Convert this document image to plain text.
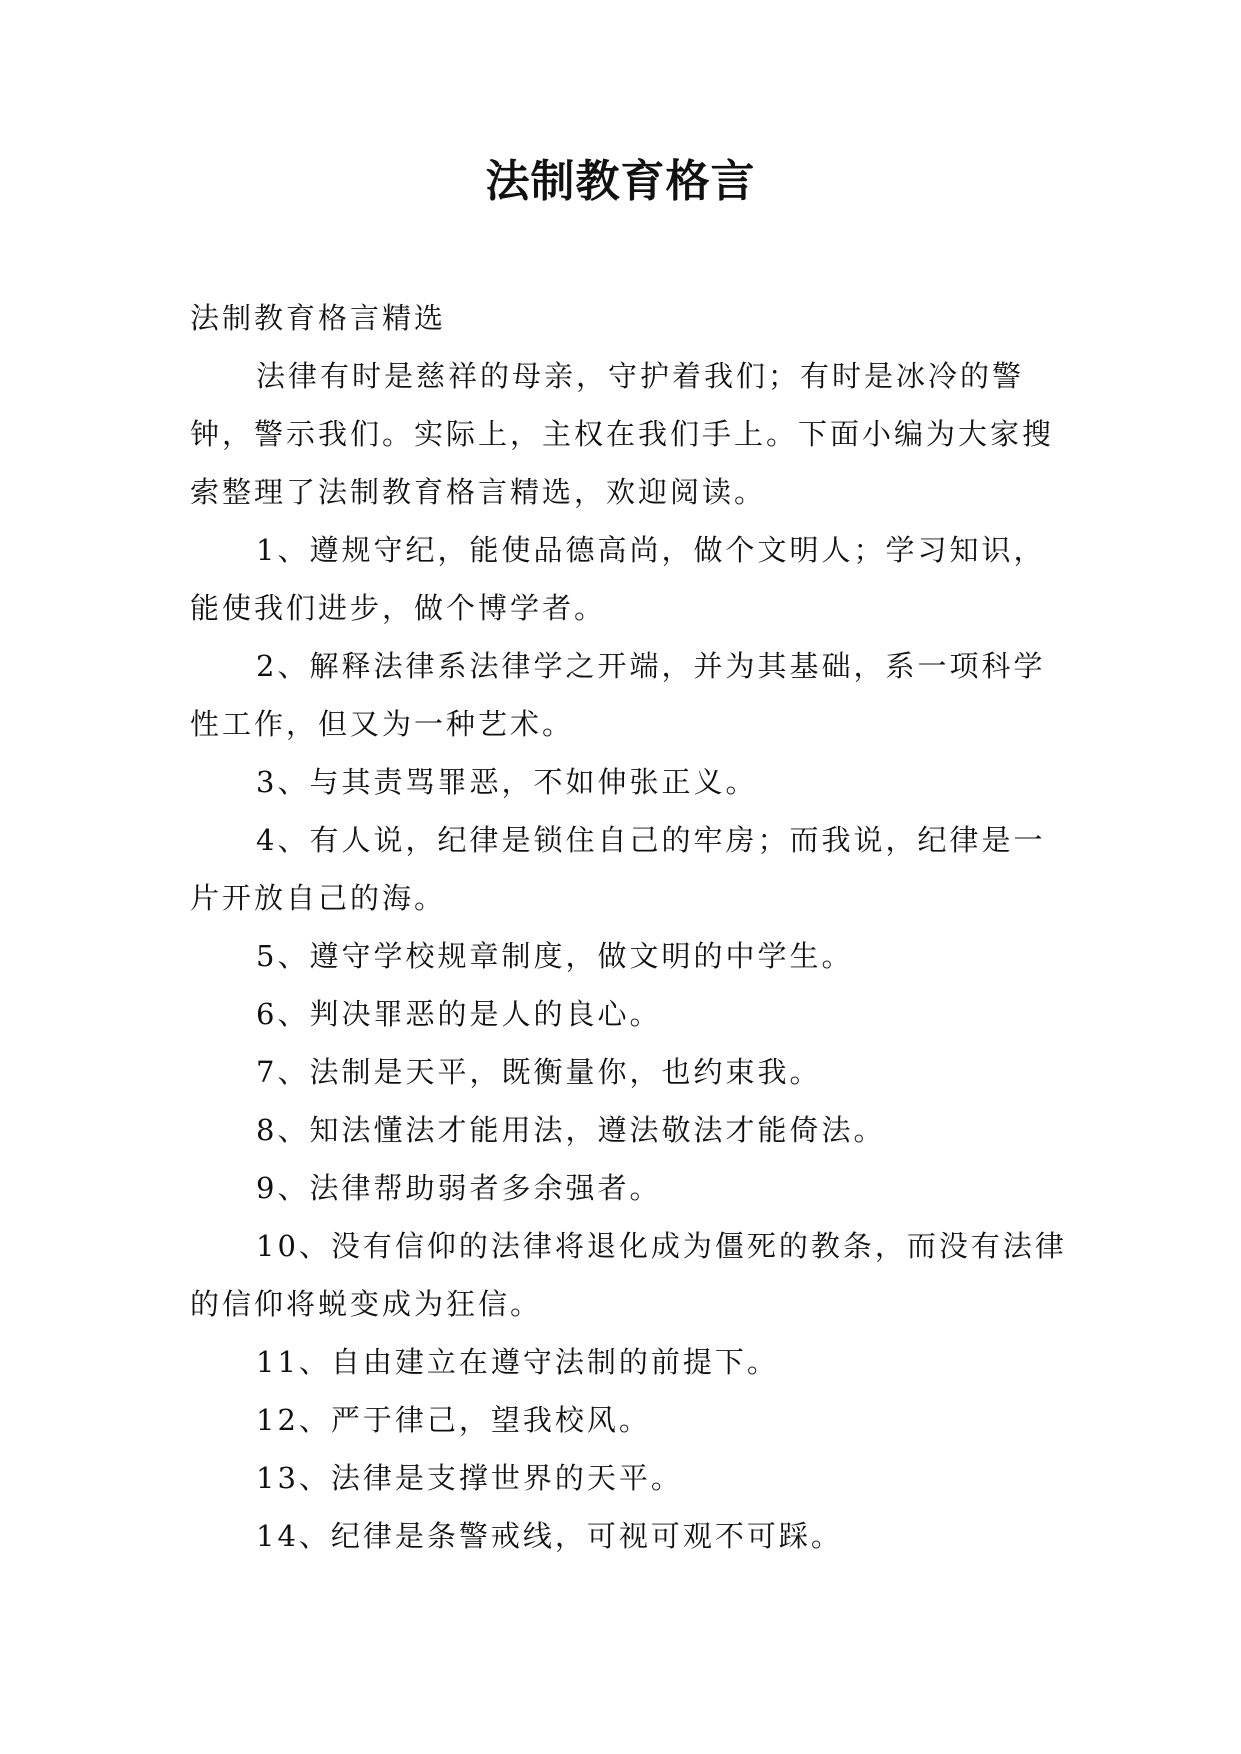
法制教育格言

法制教育格言精选

法律有时是慈祥的母亲，守护着我们；有时是冰冷的警钟，警示我们。实际上，主权在我们手上。下面小编为大家搜索整理了法制教育格言精选，欢迎阅读。

1、遵规守纪，能使品德高尚，做个文明人；学习知识，能使我们进步，做个博学者。

2、解释法律系法律学之开端，并为其基础，系一项科学性工作，但又为一种艺术。

3、与其责骂罪恶，不如伸张正义。

4、有人说，纪律是锁住自己的牢房；而我说，纪律是一片开放自己的海。

5、遵守学校规章制度，做文明的中学生。

6、判决罪恶的是人的良心。

7、法制是天平，既衡量你，也约束我。

8、知法懂法才能用法，遵法敬法才能倚法。

9、法律帮助弱者多余强者。

10、没有信仰的法律将退化成为僵死的教条，而没有法律的信仰将蜕变成为狂信。

11、自由建立在遵守法制的前提下。

12、严于律己，望我校风。

13、法律是支撑世界的天平。

14、纪律是条警戒线，可视可观不可踩。
